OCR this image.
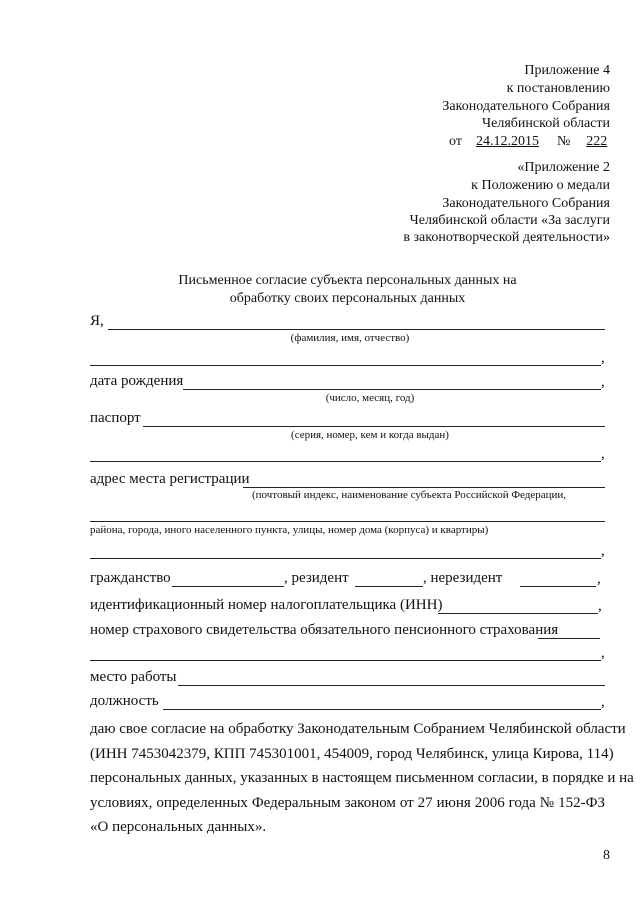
Приложение 4
к постановлению
Законодательного Собрания
Челябинской области
от 24.12.2015 № 222
«Приложение 2
к Положению о медали
Законодательного Собрания
Челябинской области «За заслуги
в законотворческой деятельности»
Письменное согласие субъекта персональных данных на
обработку своих персональных данных
Я,
(фамилия, имя, отчество)
,
дата рождения	,
(число, месяц, год)
паспорт
(серия, номер, кем и когда выдан)
,
адрес места регистрации
(почтовый индекс, наименование субъекта Российской Федерации,
района, города, иного населенного пункта, улицы, номер дома (корпуса) и квартиры)
,
гражданство	, резидент	, нерезидент	,
идентификационный номер налогоплательщика (ИНН)	,
номер страхового свидетельства обязательного пенсионного страхования
,
место работы
должность	,
даю свое согласие на обработку Законодательным Собранием Челябинской области
(ИНН 7453042379, КПП 745301001, 454009, город Челябинск, улица Кирова, 114)
персональных данных, указанных в настоящем письменном согласии, в порядке и на
условиях, определенных Федеральным законом от 27 июня 2006 года № 152-ФЗ
«О персональных данных».
8
